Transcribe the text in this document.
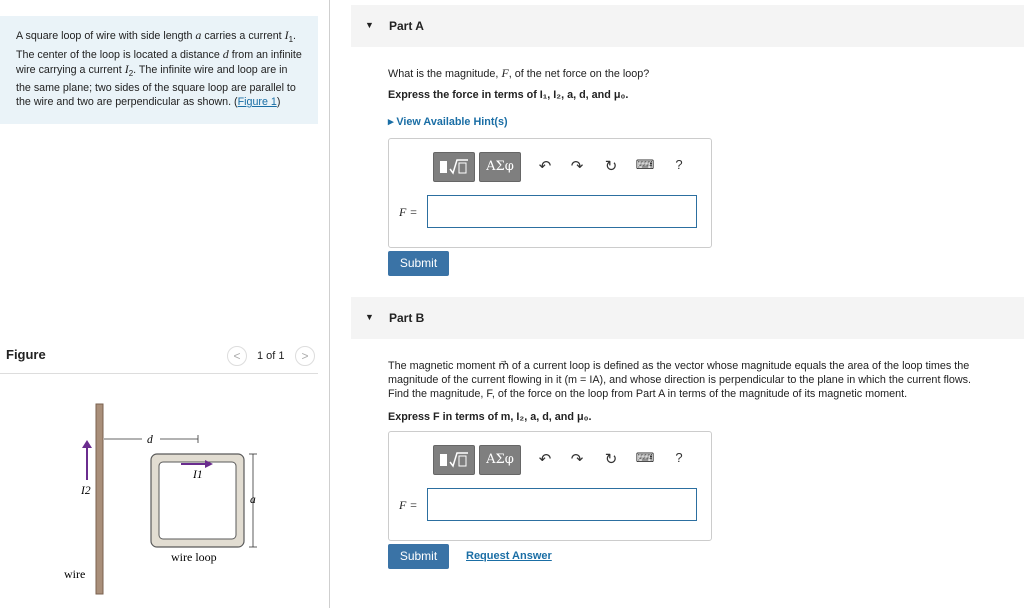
A square loop of wire with side length a carries a current $I_1$. The center of the loop is located a distance d from an infinite wire carrying a current $I_2$. The infinite wire and loop are in the same plane; two sides of the square loop are parallel to the wire and two are perpendicular as shown. (Figure 1)
Figure	<	1 of 1	>
I2
d
I1
a
wire loop
wire
▼ Part A
What is the magnitude, F, of the net force on the loop?
Express the force in terms of I₁, I₂, a, d, and μ₀.
▸ View Available Hint(s)
ΑΣφ	↶ ↷ ↻ ⌨	?
F =
Submit
▼ Part B
The magnetic moment m⃗ of a current loop is defined as the vector whose magnitude equals the area of the loop times the
magnitude of the current flowing in it (m = IA), and whose direction is perpendicular to the plane in which the current flows.
Find the magnitude, F, of the force on the loop from Part A in terms of the magnitude of its magnetic moment.
Express F in terms of m, I₂, a, d, and μ₀.
ΑΣφ	↶ ↷ ↻ ⌨	?
F =
Submit	Request Answer
